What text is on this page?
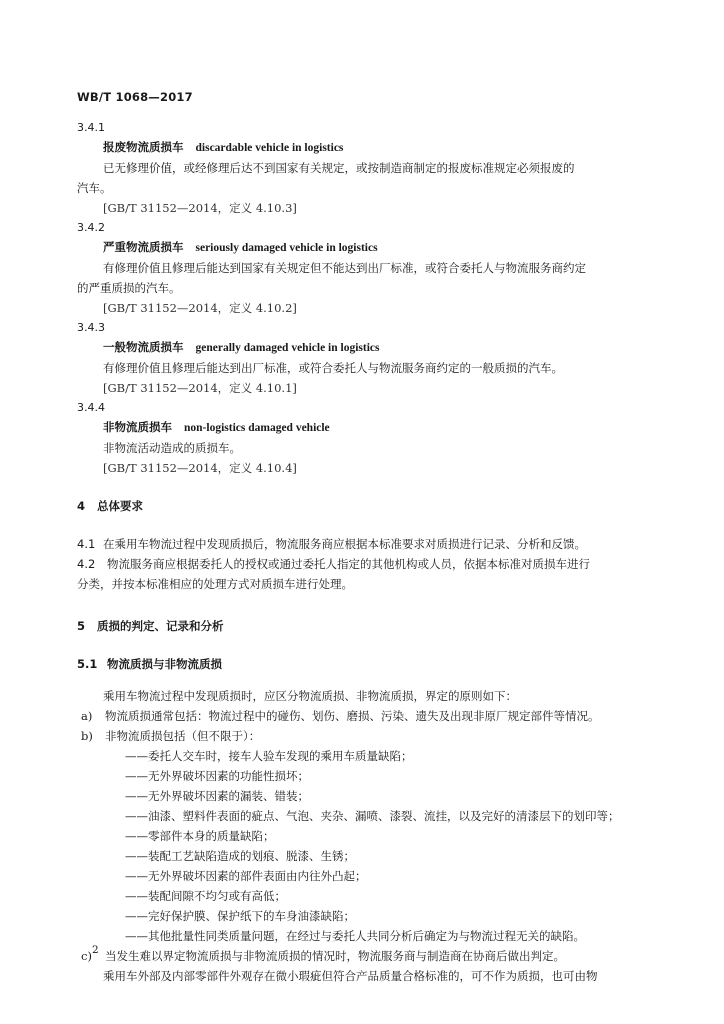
WB/T 1068—2017
3.4.1
报废物流质损车 discardable vehicle in logistics
已无修理价值，或经修理后达不到国家有关规定，或按制造商制定的报废标准规定必须报废的
汽车。
[GB/T 31152—2014，定义 4.10.3]
3.4.2
严重物流质损车 seriously damaged vehicle in logistics
有修理价值且修理后能达到国家有关规定但不能达到出厂标准，或符合委托人与物流服务商约定
的严重质损的汽车。
[GB/T 31152—2014，定义 4.10.2]
3.4.3
一般物流质损车 generally damaged vehicle in logistics
有修理价值且修理后能达到出厂标准，或符合委托人与物流服务商约定的一般质损的汽车。
[GB/T 31152—2014，定义 4.10.1]
3.4.4
非物流质损车 non-logistics damaged vehicle
非物流活动造成的质损车。
[GB/T 31152—2014，定义 4.10.4]
4 总体要求
4.1 在乘用车物流过程中发现质损后，物流服务商应根据本标准要求对质损进行记录、分析和反馈。
4.2 物流服务商应根据委托人的授权或通过委托人指定的其他机构或人员，依据本标准对质损车进行
分类，并按本标准相应的处理方式对质损车进行处理。
5 质损的判定、记录和分析
5.1 物流质损与非物流质损
乘用车物流过程中发现质损时，应区分物流质损、非物流质损，界定的原则如下：
a) 物流质损通常包括：物流过程中的碰伤、划伤、磨损、污染、遗失及出现非原厂规定部件等情况。
b) 非物流质损包括（但不限于）：
——委托人交车时，接车人验车发现的乘用车质量缺陷；
——无外界破坏因素的功能性损坏；
——无外界破坏因素的漏装、错装；
——油漆、塑料件表面的疵点、气泡、夹杂、漏喷、漆裂、流挂，以及完好的清漆层下的划印等；
——零部件本身的质量缺陷；
——装配工艺缺陷造成的划痕、脱漆、生锈；
——无外界破坏因素的部件表面由内往外凸起；
——装配间隙不均匀或有高低；
——完好保护膜、保护纸下的车身油漆缺陷；
——其他批量性同类质量问题，在经过与委托人共同分析后确定为与物流过程无关的缺陷。
c) 当发生难以界定物流质损与非物流质损的情况时，物流服务商与制造商在协商后做出判定。
乘用车外部及内部零部件外观存在微小瑕疵但符合产品质量合格标准的，可不作为质损，也可由物
2
